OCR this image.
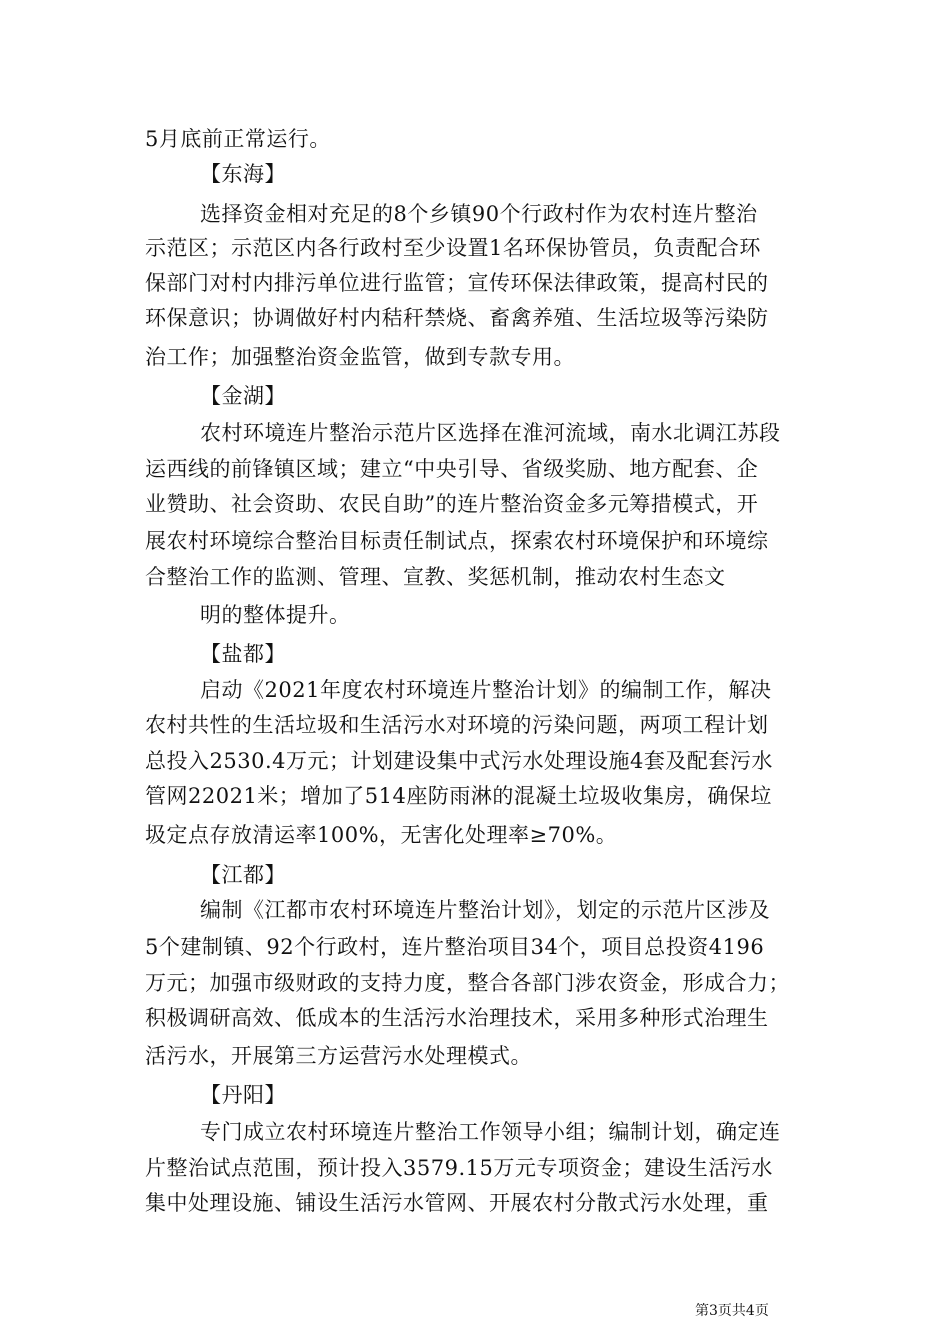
5月底前正常运行。
【东海】
选择资金相对充足的8个乡镇90个行政村作为农村连片整治
示范区；示范区内各行政村至少设置1名环保协管员，负责配合环
保部门对村内排污单位进行监管；宣传环保法律政策，提高村民的
环保意识；协调做好村内秸秆禁烧、畜禽养殖、生活垃圾等污染防
治工作；加强整治资金监管，做到专款专用。
【金湖】
农村环境连片整治示范片区选择在淮河流域，南水北调江苏段
运西线的前锋镇区域；建立“中央引导、省级奖励、地方配套、企
业赞助、社会资助、农民自助”的连片整治资金多元筹措模式，开
展农村环境综合整治目标责任制试点，探索农村环境保护和环境综
合整治工作的监测、管理、宣教、奖惩机制，推动农村生态文
明的整体提升。
【盐都】
启动《2021年度农村环境连片整治计划》的编制工作，解决
农村共性的生活垃圾和生活污水对环境的污染问题，两项工程计划
总投入2530.4万元；计划建设集中式污水处理设施4套及配套污水
管网22021米；增加了514座防雨淋的混凝土垃圾收集房，确保垃
圾定点存放清运率100%，无害化处理率≥70%。
【江都】
编制《江都市农村环境连片整治计划》，划定的示范片区涉及
5个建制镇、92个行政村，连片整治项目34个，项目总投资4196
万元；加强市级财政的支持力度，整合各部门涉农资金，形成合力；
积极调研高效、低成本的生活污水治理技术，采用多种形式治理生
活污水，开展第三方运营污水处理模式。
【丹阳】
专门成立农村环境连片整治工作领导小组；编制计划，确定连
片整治试点范围，预计投入3579.15万元专项资金；建设生活污水
集中处理设施、铺设生活污水管网、开展农村分散式污水处理，重
第3页共4页
